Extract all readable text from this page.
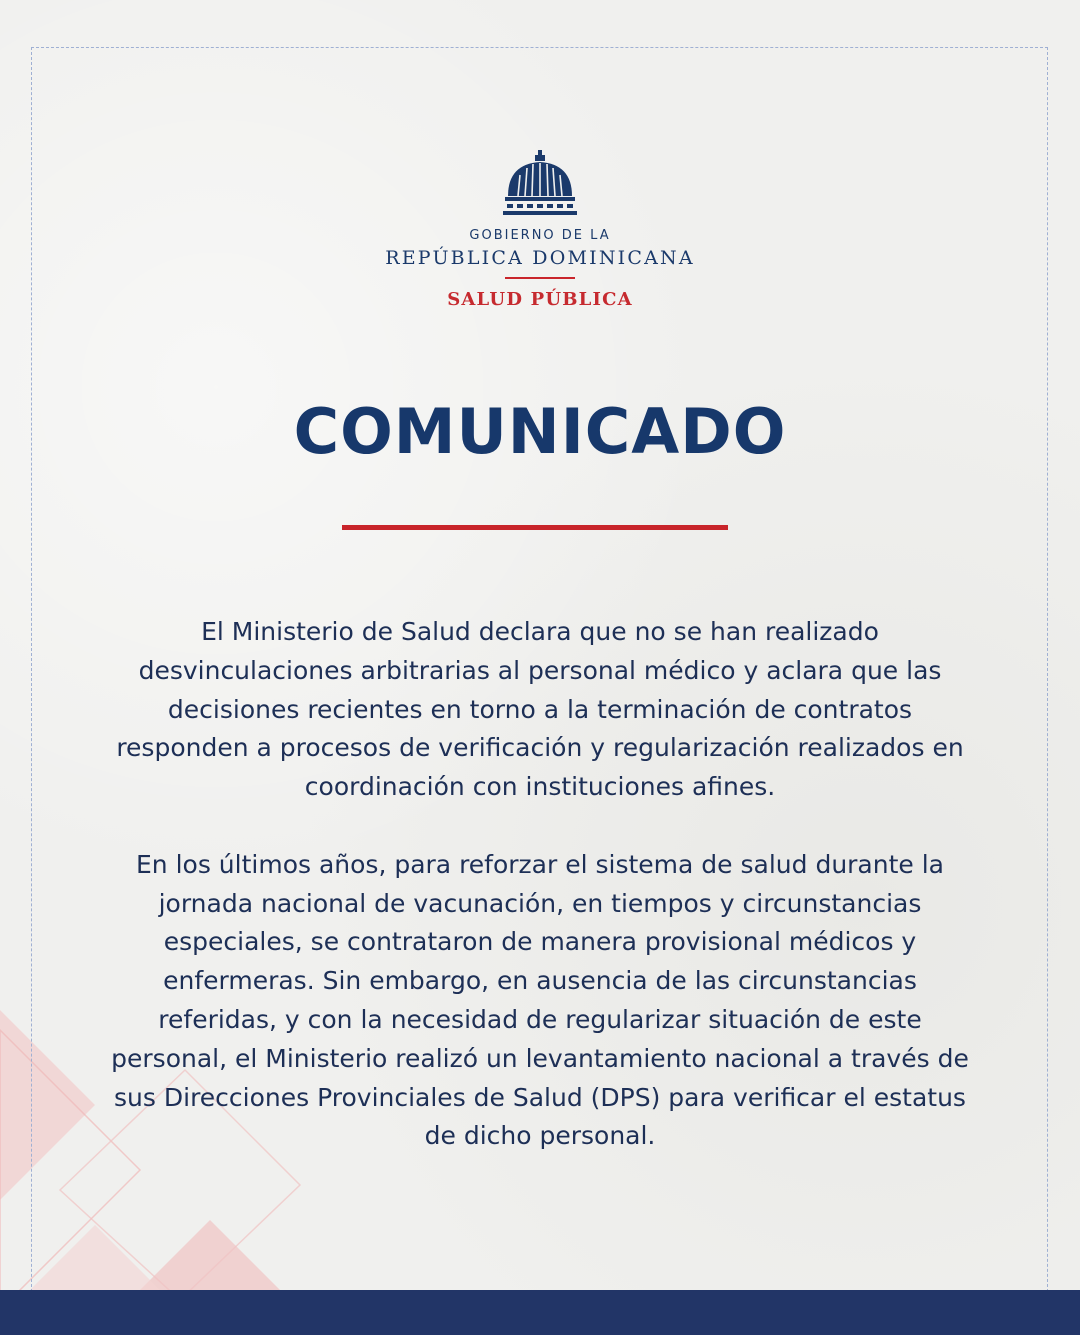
GOBIERNO DE LA
REPÚBLICA DOMINICANA
SALUD PÚBLICA
COMUNICADO

El Ministerio de Salud declara que no se han realizado desvinculaciones arbitrarias al personal médico y aclara que las decisiones recientes en torno a la terminación de contratos responden a procesos de verificación y regularización realizados en coordinación con instituciones afines.

En los últimos años, para reforzar el sistema de salud durante la jornada nacional de vacunación, en tiempos y circunstancias especiales, se contrataron de manera provisional médicos y enfermeras. Sin embargo, en ausencia de las circunstancias referidas, y con la necesidad de regularizar situación de este personal, el Ministerio realizó un levantamiento nacional a través de sus Direcciones Provinciales de Salud (DPS) para verificar el estatus de dicho personal.
